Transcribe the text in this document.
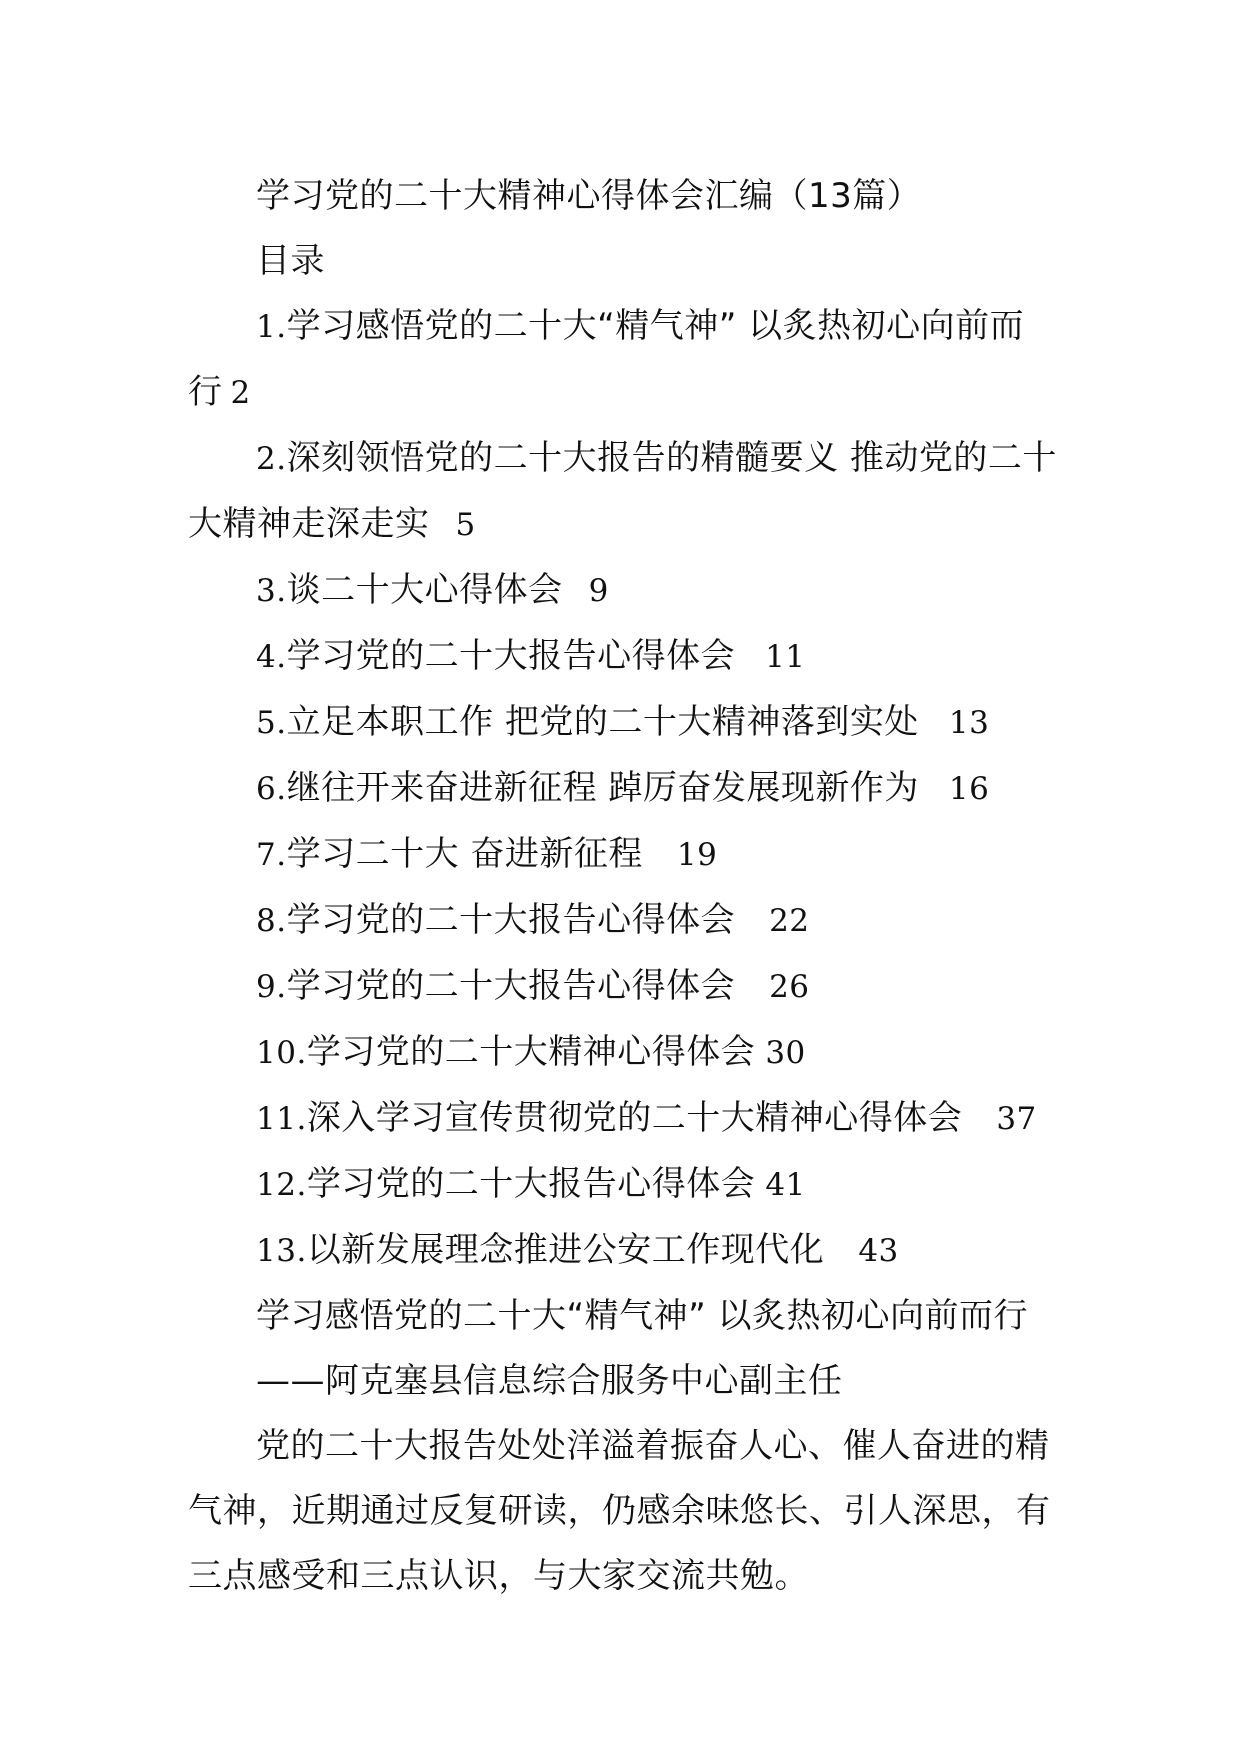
学习党的二十大精神心得体会汇编（13篇）
目录
1.学习感悟党的二十大“精气神” 以炙热初心向前而
行 2
2.深刻领悟党的二十大报告的精髓要义 推动党的二十
大精神走深走实 5
3.谈二十大心得体会 9
4.学习党的二十大报告心得体会 11
5.立足本职工作 把党的二十大精神落到实处 13
6.继往开来奋进新征程 踔厉奋发展现新作为 16
7.学习二十大 奋进新征程 19
8.学习党的二十大报告心得体会 22
9.学习党的二十大报告心得体会 26
10.学习党的二十大精神心得体会 30
11.深入学习宣传贯彻党的二十大精神心得体会 37
12.学习党的二十大报告心得体会 41
13.以新发展理念推进公安工作现代化 43
学习感悟党的二十大“精气神” 以炙热初心向前而行
——阿克塞县信息综合服务中心副主任
党的二十大报告处处洋溢着振奋人心、催人奋进的精
气神，近期通过反复研读，仍感余味悠长、引人深思，有
三点感受和三点认识，与大家交流共勉。
